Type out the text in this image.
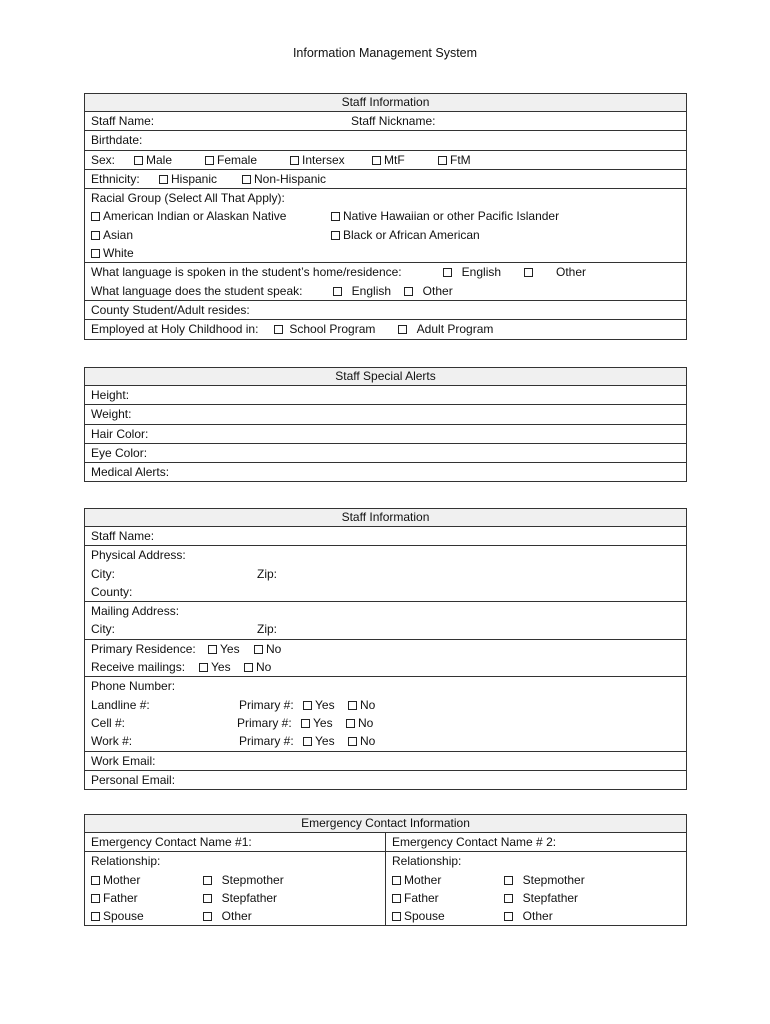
Information Management System
Staff Information
Staff Name:	Staff Nickname:
Birthdate:
Sex:	Male	Female	Intersex	MtF	FtM
Ethnicity:	Hispanic	Non-Hispanic
Racial Group (Select All That Apply):
American Indian or Alaskan Native	Native Hawaiian or other Pacific Islander
Asian	Black or African American
White
What language is spoken in the student’s home/residence:	English	Other
What language does the student speak:	English	Other
County Student/Adult resides:
Employed at Holy Childhood in:	School Program	Adult Program
Staff Special Alerts
Height:
Weight:
Hair Color:
Eye Color:
Medical Alerts:
Staff Information
Staff Name:
Physical Address:
City:	Zip:
County:
Mailing Address:
City:	Zip:
Primary Residence:	Yes	No
Receive mailings:	Yes	No
Phone Number:
Landline #:	Primary #:	Yes	No
Cell #:	Primary #:	Yes	No
Work #:	Primary #:	Yes	No
Work Email:
Personal Email:
Emergency Contact Information
Emergency Contact Name #1:	Emergency Contact Name # 2:
Relationship:
Mother	Stepmother
Father	Stepfather
Spouse	Other
Relationship:
Mother	Stepmother
Father	Stepfather
Spouse	Other
